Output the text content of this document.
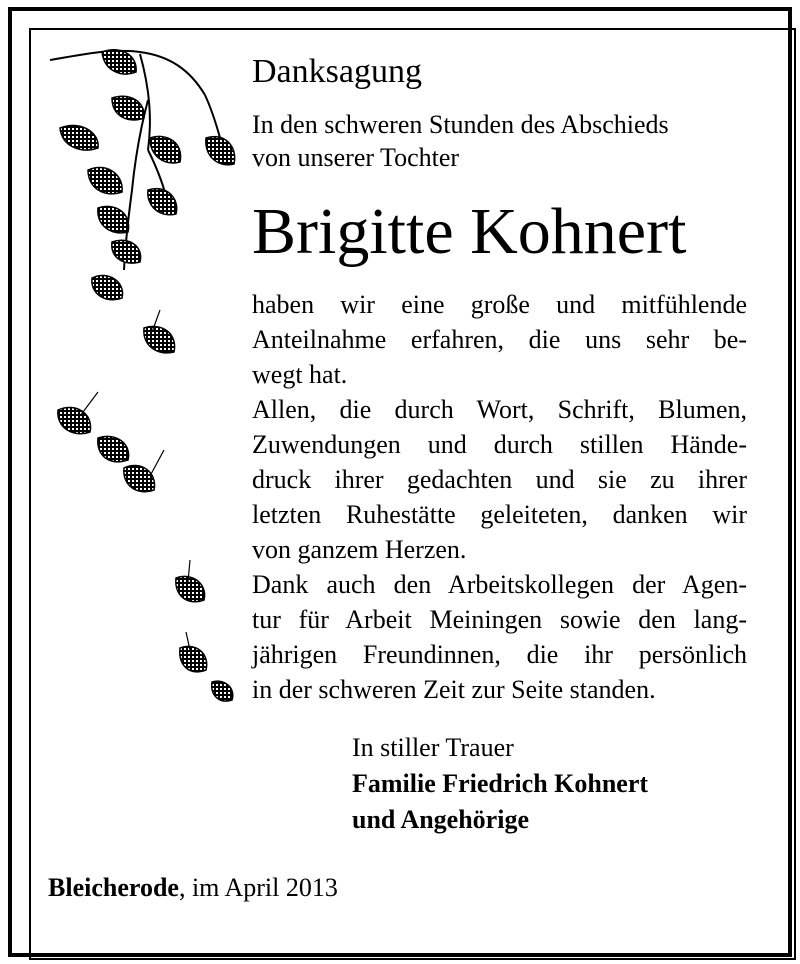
Danksagung

In den schweren Stunden des Abschieds
von unserer Tochter

Brigitte Kohnert

haben wir eine große und mitfühlende
Anteilnahme erfahren, die uns sehr be-
wegt hat.
Allen, die durch Wort, Schrift, Blumen,
Zuwendungen und durch stillen Hände-
druck ihrer gedachten und sie zu ihrer
letzten Ruhestätte geleiteten, danken wir
von ganzem Herzen.
Dank auch den Arbeitskollegen der Agen-
tur für Arbeit Meiningen sowie den lang-
jährigen Freundinnen, die ihr persönlich
in der schweren Zeit zur Seite standen.

In stiller Trauer
Familie Friedrich Kohnert
und Angehörige

Bleicherode, im April 2013
